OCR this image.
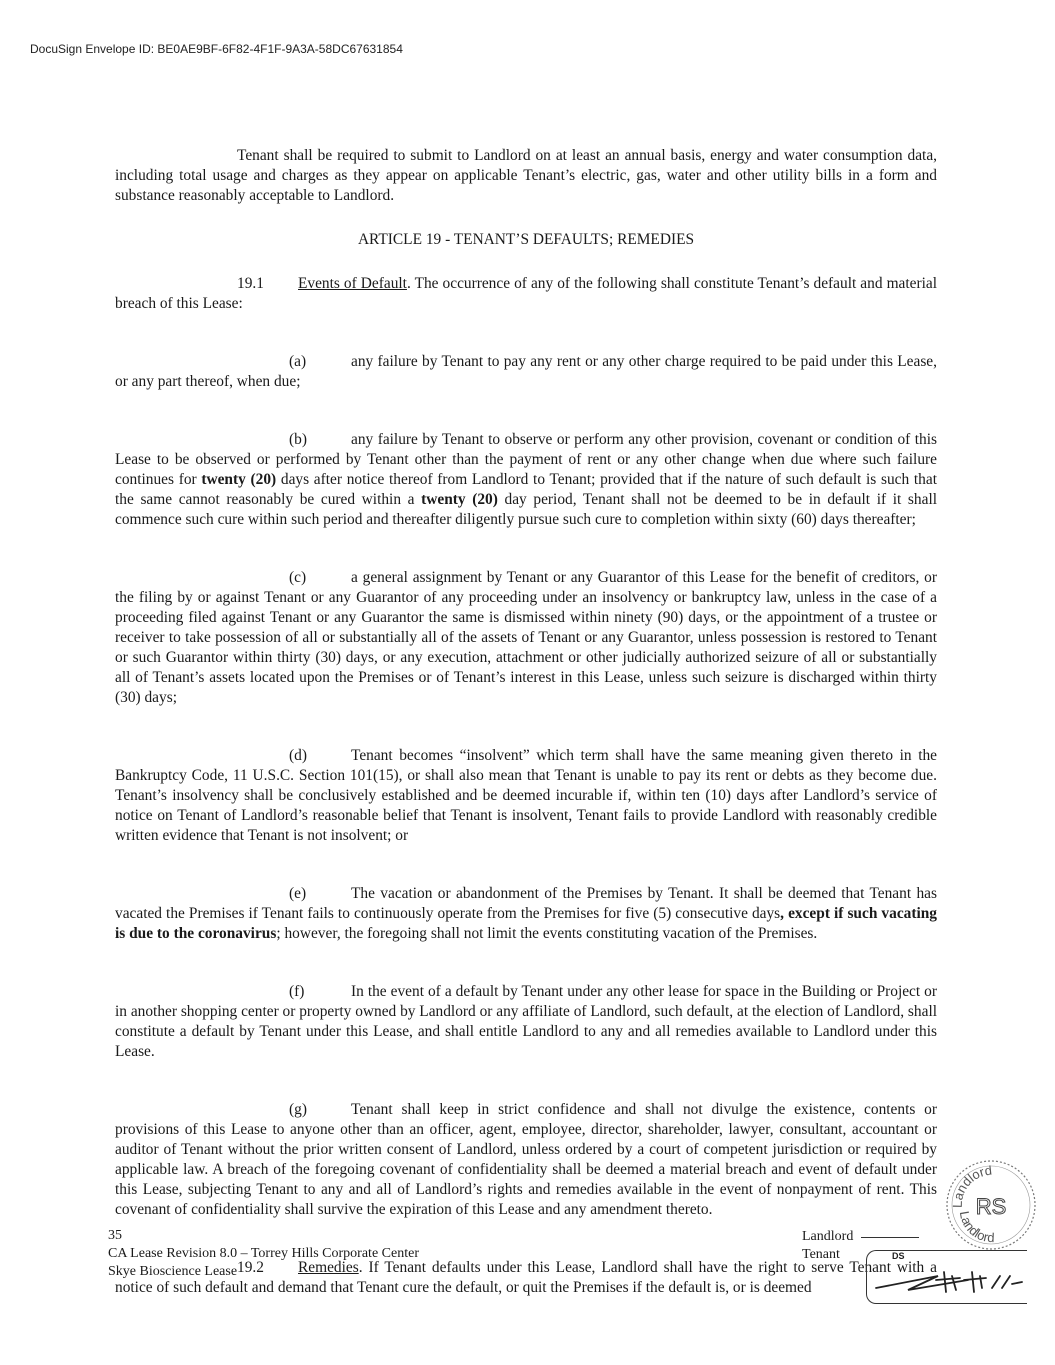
DocuSign Envelope ID: BE0AE9BF-6F82-4F1F-9A3A-58DC67631854

Tenant shall be required to submit to Landlord on at least an annual basis, energy and water consumption data, including total usage and charges as they appear on applicable Tenant’s electric, gas, water and other utility bills in a form and substance reasonably acceptable to Landlord.

ARTICLE 19 - TENANT’S DEFAULTS; REMEDIES

19.1 Events of Default. The occurrence of any of the following shall constitute Tenant’s default and material breach of this Lease:

(a)	any failure by Tenant to pay any rent or any other charge required to be paid under this Lease, or any part thereof, when due;

(b)	any failure by Tenant to observe or perform any other provision, covenant or condition of this Lease to be observed or performed by Tenant other than the payment of rent or any other change when due where such failure continues for twenty (20) days after notice thereof from Landlord to Tenant; provided that if the nature of such default is such that the same cannot reasonably be cured within a twenty (20) day period, Tenant shall not be deemed to be in default if it shall commence such cure within such period and thereafter diligently pursue such cure to completion within sixty (60) days thereafter;

(c)	a general assignment by Tenant or any Guarantor of this Lease for the benefit of creditors, or the filing by or against Tenant or any Guarantor of any proceeding under an insolvency or bankruptcy law, unless in the case of a proceeding filed against Tenant or any Guarantor the same is dismissed within ninety (90) days, or the appointment of a trustee or receiver to take possession of all or substantially all of the assets of Tenant or any Guarantor, unless possession is restored to Tenant or such Guarantor within thirty (30) days, or any execution, attachment or other judicially authorized seizure of all or substantially all of Tenant’s assets located upon the Premises or of Tenant’s interest in this Lease, unless such seizure is discharged within thirty (30) days;

(d)	Tenant becomes “insolvent” which term shall have the same meaning given thereto in the Bankruptcy Code, 11 U.S.C. Section 101(15), or shall also mean that Tenant is unable to pay its rent or debts as they become due. Tenant’s insolvency shall be conclusively established and be deemed incurable if, within ten (10) days after Landlord’s service of notice on Tenant of Landlord’s reasonable belief that Tenant is insolvent, Tenant fails to provide Landlord with reasonably credible written evidence that Tenant is not insolvent; or

(e)	The vacation or abandonment of the Premises by Tenant. It shall be deemed that Tenant has vacated the Premises if Tenant fails to continuously operate from the Premises for five (5) consecutive days, except if such vacating is due to the coronavirus; however, the foregoing shall not limit the events constituting vacation of the Premises.

(f)	In the event of a default by Tenant under any other lease for space in the Building or Project or in another shopping center or property owned by Landlord or any affiliate of Landlord, such default, at the election of Landlord, shall constitute a default by Tenant under this Lease, and shall entitle Landlord to any and all remedies available to Landlord under this Lease.

(g)	Tenant shall keep in strict confidence and shall not divulge the existence, contents or provisions of this Lease to anyone other than an officer, agent, employee, director, shareholder, lawyer, consultant, accountant or auditor of Tenant without the prior written consent of Landlord, unless ordered by a court of competent jurisdiction or required by applicable law. A breach of the foregoing covenant of confidentiality shall be deemed a material breach and event of default under this Lease, subjecting Tenant to any and all of Landlord’s rights and remedies available in the event of nonpayment of rent. This covenant of confidentiality shall survive the expiration of this Lease and any amendment thereto.

19.2 Remedies. If Tenant defaults under this Lease, Landlord shall have the right to serve Tenant with a notice of such default and demand that Tenant cure the default, or quit the Premises if the default is, or is deemed

Landlord
Landlord
RS
35
CA Lease Revision 8.0 – Torrey Hills Corporate Center
Skye Bioscience Lease
Landlord
Tenant	DS
